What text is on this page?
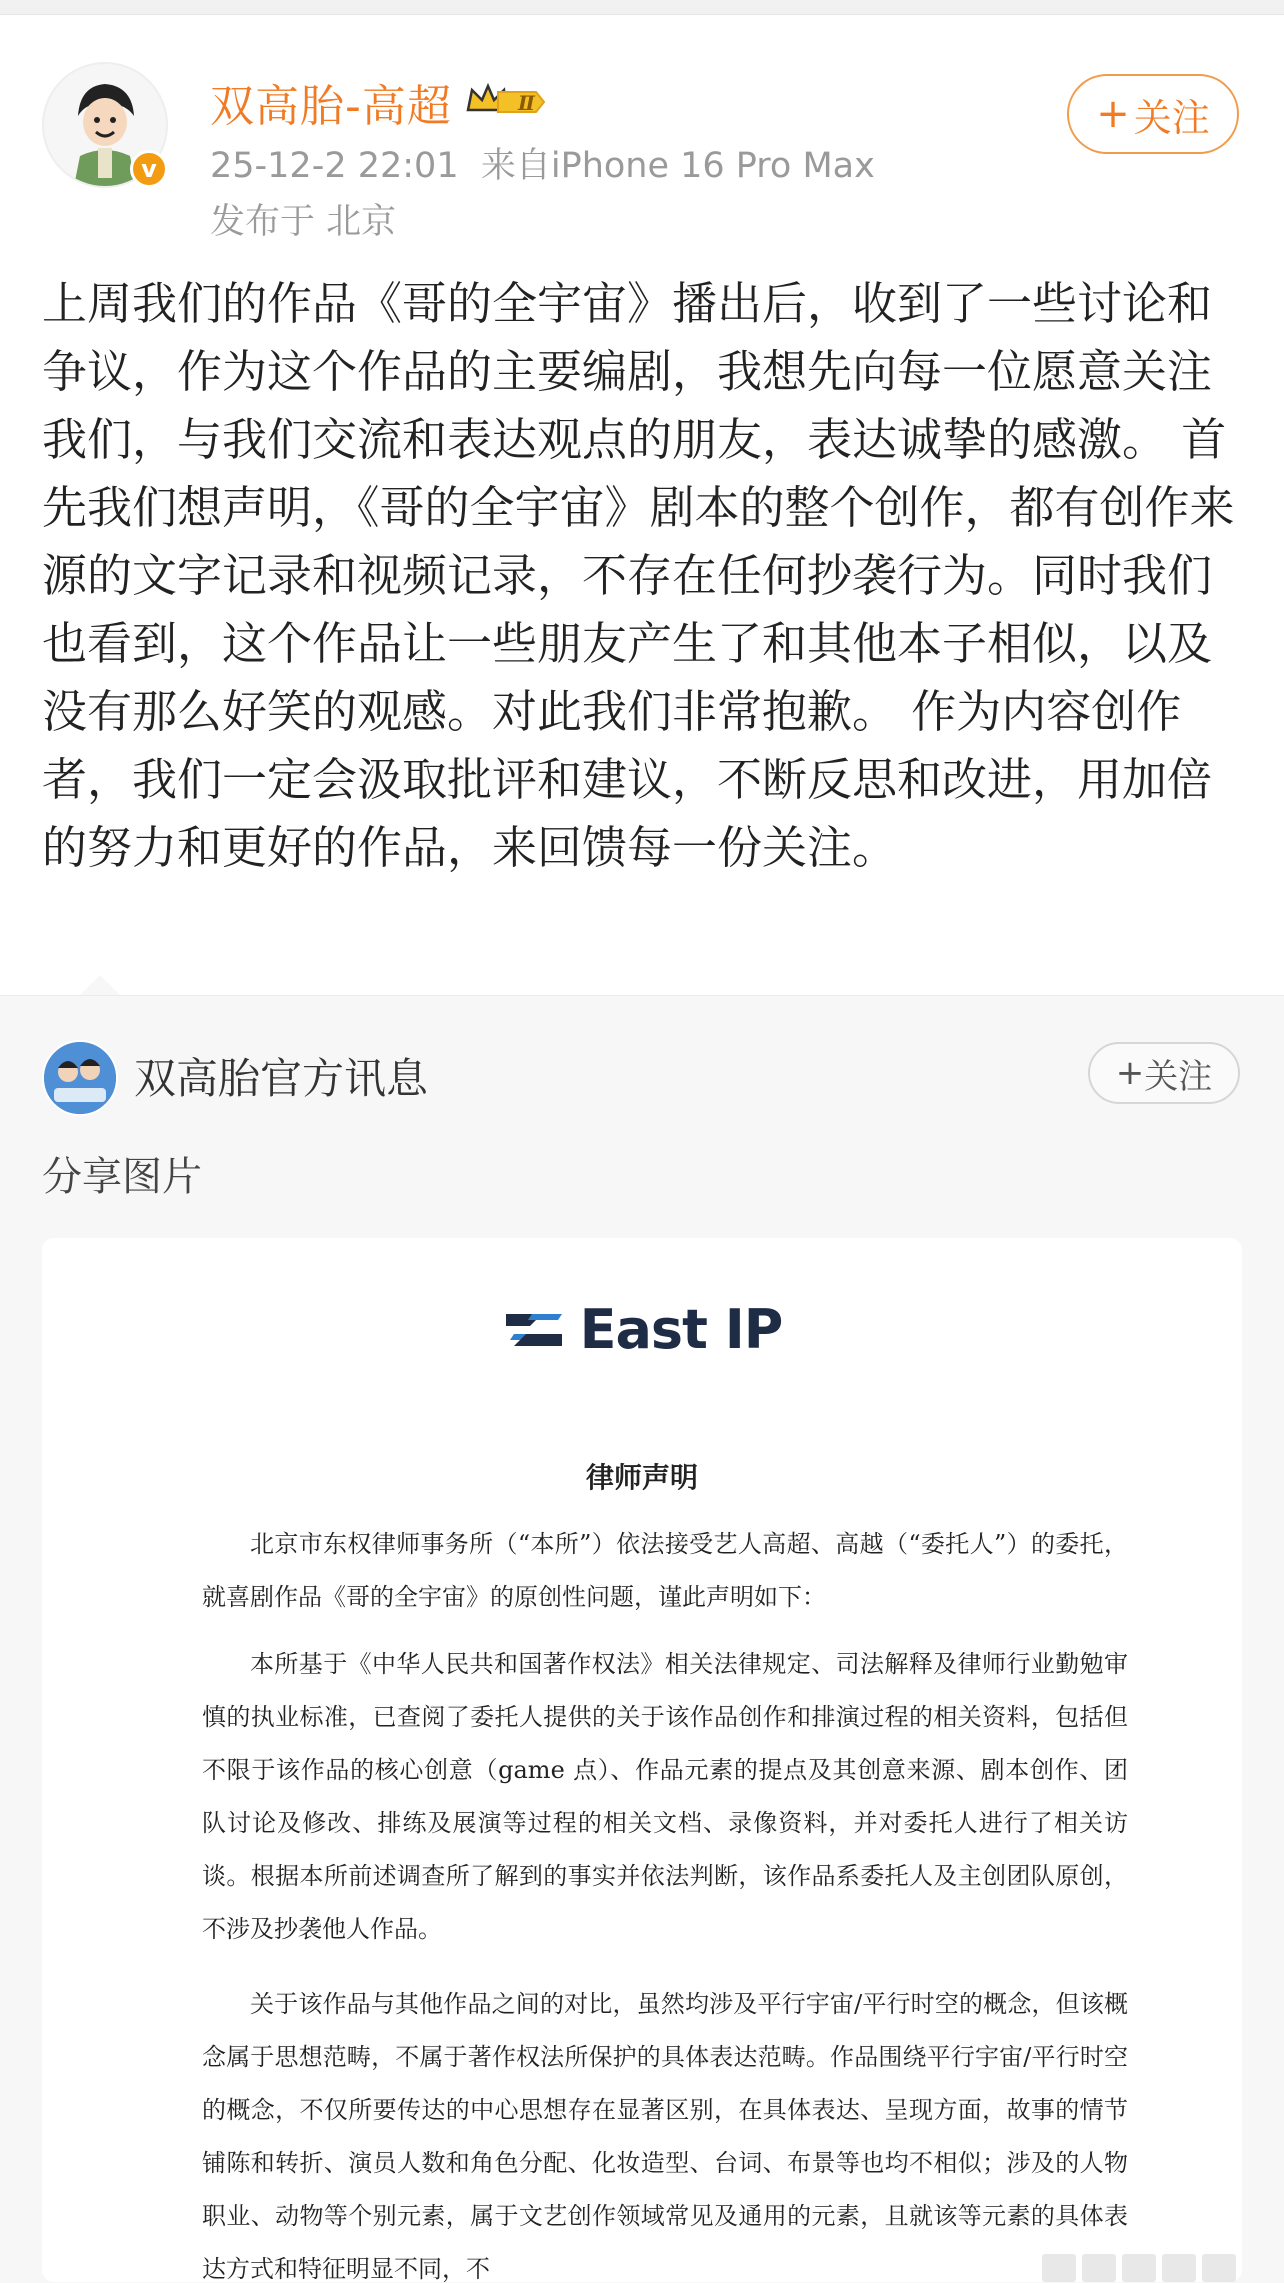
v
双高胎-高超	Ⅱ
25-12-2 22:01 来自iPhone 16 Pro Max
发布于 北京
+ 关注
上周我们的作品《哥的全宇宙》播出后，收到了一些讨论和争议，作为这个作品的主要编剧，我想先向每一位愿意关注我们，与我们交流和表达观点的朋友，表达诚挚的感激。 首先我们想声明，《哥的全宇宙》剧本的整个创作，都有创作来源的文字记录和视频记录，不存在任何抄袭行为。同时我们也看到，这个作品让一些朋友产生了和其他本子相似，以及没有那么好笑的观感。对此我们非常抱歉。 作为内容创作者，我们一定会汲取批评和建议，不断反思和改进，用加倍的努力和更好的作品，来回馈每一份关注。
双高胎官方讯息	+ 关注
分享图片
East IP
律师声明
北京市东权律师事务所（“本所”）依法接受艺人高超、高越（“委托人”）的委托，就喜剧作品《哥的全宇宙》的原创性问题，谨此声明如下：
本所基于《中华人民共和国著作权法》相关法律规定、司法解释及律师行业勤勉审慎的执业标准，已查阅了委托人提供的关于该作品创作和排演过程的相关资料，包括但不限于该作品的核心创意（game 点）、作品元素的提点及其创意来源、剧本创作、团队讨论及修改、排练及展演等过程的相关文档、录像资料，并对委托人进行了相关访谈。根据本所前述调查所了解到的事实并依法判断，该作品系委托人及主创团队原创，不涉及抄袭他人作品。
关于该作品与其他作品之间的对比，虽然均涉及平行宇宙/平行时空的概念，但该概念属于思想范畴，不属于著作权法所保护的具体表达范畴。作品围绕平行宇宙/平行时空的概念，不仅所要传达的中心思想存在显著区别，在具体表达、呈现方面，故事的情节铺陈和转折、演员人数和角色分配、化妆造型、台词、布景等也均不相似；涉及的人物职业、动物等个别元素，属于文艺创作领域常见及通用的元素，且就该等元素的具体表达方式和特征明显不同，不
